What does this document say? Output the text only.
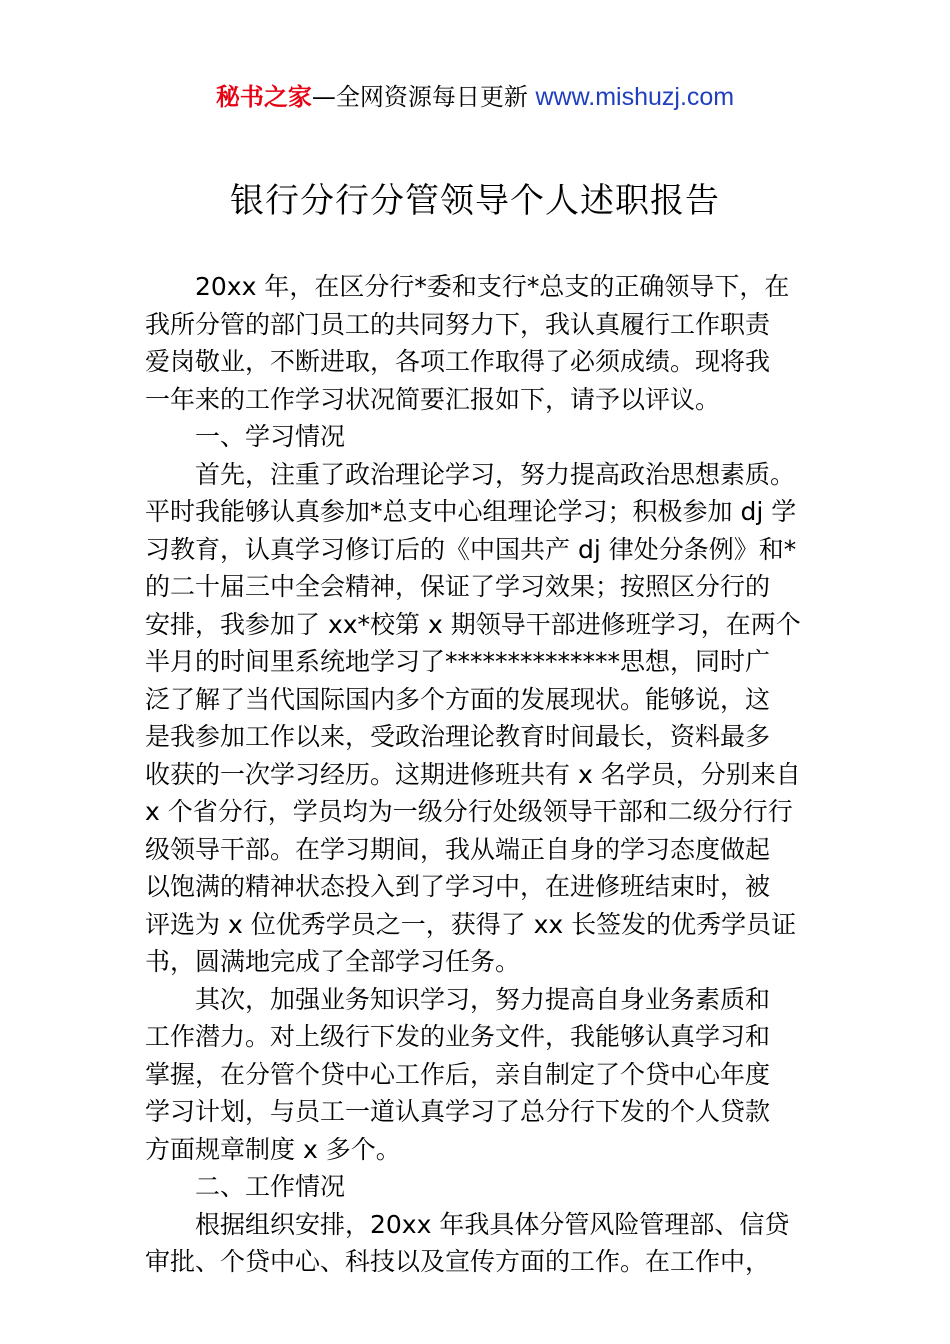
秘书之家—全网资源每日更新 www.mishuzj.com
银行分行分管领导个人述职报告
20xx 年，在区分行*委和支行*总支的正确领导下，在
我所分管的部门员工的共同努力下，我认真履行工作职责
爱岗敬业，不断进取，各项工作取得了必须成绩。现将我
一年来的工作学习状况简要汇报如下，请予以评议。
一、学习情况
首先，注重了政治理论学习，努力提高政治思想素质。
平时我能够认真参加*总支中心组理论学习；积极参加 dj 学
习教育，认真学习修订后的《中国共产 dj 律处分条例》和*
的二十届三中全会精神，保证了学习效果；按照区分行的
安排，我参加了 xx*校第 x 期领导干部进修班学习，在两个
半月的时间里系统地学习了**************思想，同时广
泛了解了当代国际国内多个方面的发展现状。能够说，这
是我参加工作以来，受政治理论教育时间最长，资料最多
收获的一次学习经历。这期进修班共有 x 名学员，分别来自
x 个省分行，学员均为一级分行处级领导干部和二级分行行
级领导干部。在学习期间，我从端正自身的学习态度做起
以饱满的精神状态投入到了学习中，在进修班结束时，被
评选为 x 位优秀学员之一，获得了 xx 长签发的优秀学员证
书，圆满地完成了全部学习任务。
其次，加强业务知识学习，努力提高自身业务素质和
工作潜力。对上级行下发的业务文件，我能够认真学习和
掌握，在分管个贷中心工作后，亲自制定了个贷中心年度
学习计划，与员工一道认真学习了总分行下发的个人贷款
方面规章制度 x 多个。
二、工作情况
根据组织安排，20xx 年我具体分管风险管理部、信贷
审批、个贷中心、科技以及宣传方面的工作。在工作中，
